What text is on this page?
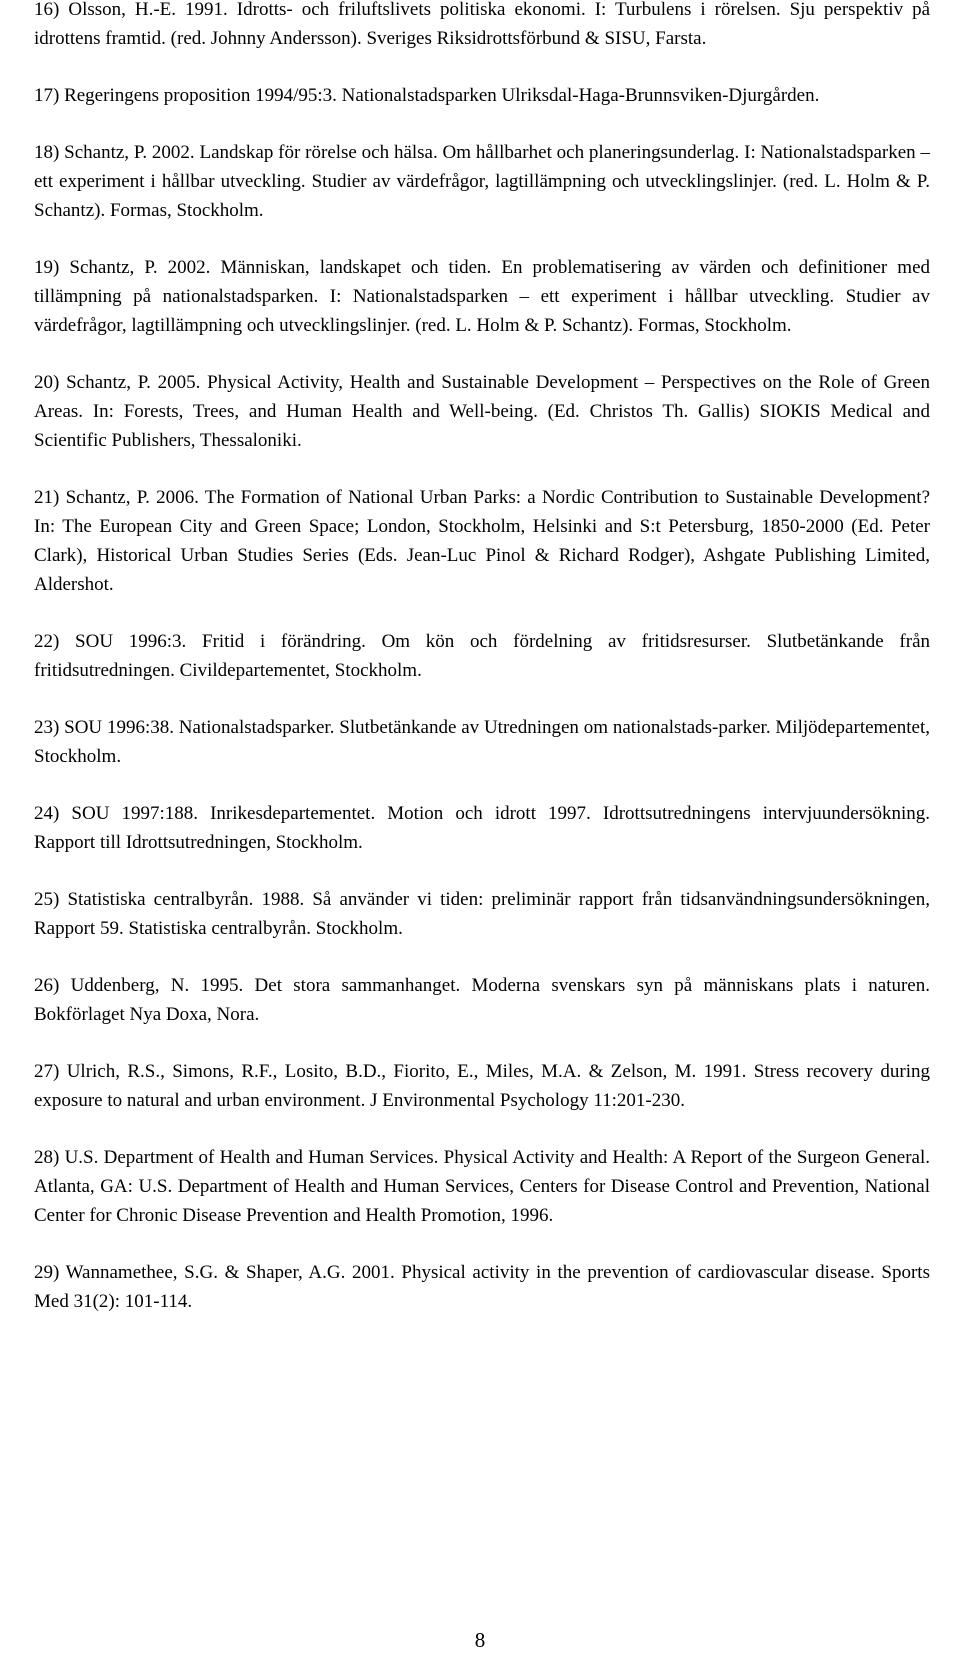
16) Olsson, H.-E. 1991. Idrotts- och friluftslivets politiska ekonomi. I: Turbulens i rörelsen. Sju perspektiv på idrottens framtid. (red. Johnny Andersson). Sveriges Riksidrottsförbund & SISU, Farsta.

17) Regeringens proposition 1994/95:3. Nationalstadsparken Ulriksdal-Haga-Brunnsviken-Djurgården.

18) Schantz, P. 2002. Landskap för rörelse och hälsa. Om hållbarhet och planeringsunderlag. I: Nationalstadsparken – ett experiment i hållbar utveckling. Studier av värdefrågor, lagtillämpning och utvecklingslinjer. (red. L. Holm & P. Schantz). Formas, Stockholm.

19) Schantz, P. 2002. Människan, landskapet och tiden. En problematisering av värden och definitioner med tillämpning på nationalstadsparken. I: Nationalstadsparken – ett experiment i hållbar utveckling. Studier av värdefrågor, lagtillämpning och utvecklingslinjer. (red. L. Holm & P. Schantz). Formas, Stockholm.

20) Schantz, P. 2005. Physical Activity, Health and Sustainable Development – Perspectives on the Role of Green Areas. In: Forests, Trees, and Human Health and Well-being. (Ed. Christos Th. Gallis) SIOKIS Medical and Scientific Publishers, Thessaloniki.

21) Schantz, P. 2006. The Formation of National Urban Parks: a Nordic Contribution to Sustainable Development? In: The European City and Green Space; London, Stockholm, Helsinki and S:t Petersburg, 1850-2000 (Ed. Peter Clark), Historical Urban Studies Series (Eds. Jean-Luc Pinol & Richard Rodger), Ashgate Publishing Limited, Aldershot.

22) SOU 1996:3. Fritid i förändring. Om kön och fördelning av fritidsresurser. Slutbetänkande från fritidsutredningen. Civildepartementet, Stockholm.

23) SOU 1996:38. Nationalstadsparker. Slutbetänkande av Utredningen om nationalstads-parker. Miljödepartementet, Stockholm.

24) SOU 1997:188. Inrikesdepartementet. Motion och idrott 1997. Idrottsutredningens intervjuundersökning. Rapport till Idrottsutredningen, Stockholm.

25) Statistiska centralbyrån. 1988. Så använder vi tiden: preliminär rapport från tidsanvändningsundersökningen, Rapport 59. Statistiska centralbyrån. Stockholm.

26) Uddenberg, N. 1995. Det stora sammanhanget. Moderna svenskars syn på människans plats i naturen. Bokförlaget Nya Doxa, Nora.

27) Ulrich, R.S., Simons, R.F., Losito, B.D., Fiorito, E., Miles, M.A. & Zelson, M. 1991. Stress recovery during exposure to natural and urban environment. J Environmental Psychology 11:201-230.

28) U.S. Department of Health and Human Services. Physical Activity and Health: A Report of the Surgeon General. Atlanta, GA: U.S. Department of Health and Human Services, Centers for Disease Control and Prevention, National Center for Chronic Disease Prevention and Health Promotion, 1996.

29) Wannamethee, S.G. & Shaper, A.G. 2001. Physical activity in the prevention of cardiovascular disease. Sports Med 31(2): 101-114.

8
